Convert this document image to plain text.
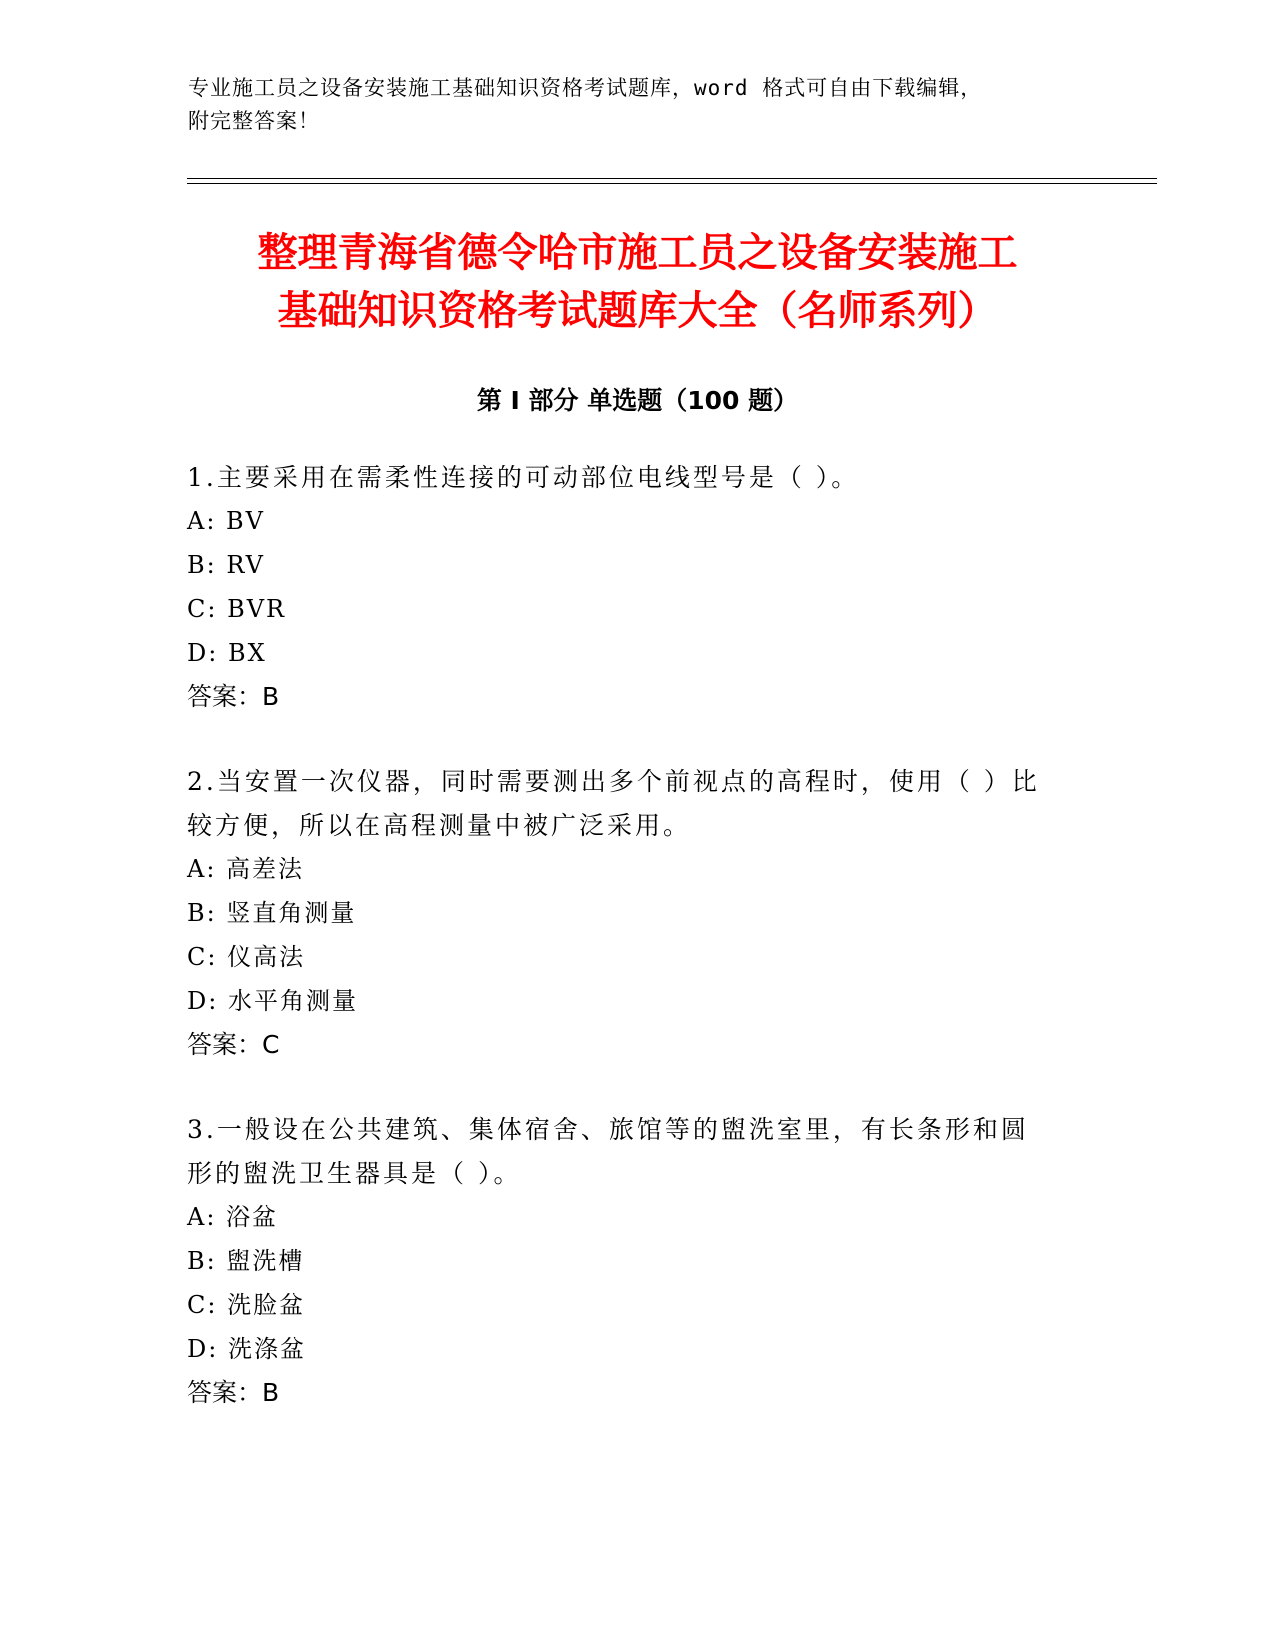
专业施工员之设备安装施工基础知识资格考试题库，word 格式可自由下载编辑，
附完整答案！
整理青海省德令哈市施工员之设备安装施工
基础知识资格考试题库大全（名师系列）
第 I 部分 单选题（100 题）
1.主要采用在需柔性连接的可动部位电线型号是（ ）。
A: BV
B: RV
C: BVR
D: BX
答案：B
2.当安置一次仪器，同时需要测出多个前视点的高程时，使用（ ）比
较方便，所以在高程测量中被广泛采用。
A: 高差法
B: 竖直角测量
C: 仪高法
D: 水平角测量
答案：C
3.一般设在公共建筑、集体宿舍、旅馆等的盥洗室里，有长条形和圆
形的盥洗卫生器具是（ ）。
A: 浴盆
B: 盥洗槽
C: 洗脸盆
D: 洗涤盆
答案：B
